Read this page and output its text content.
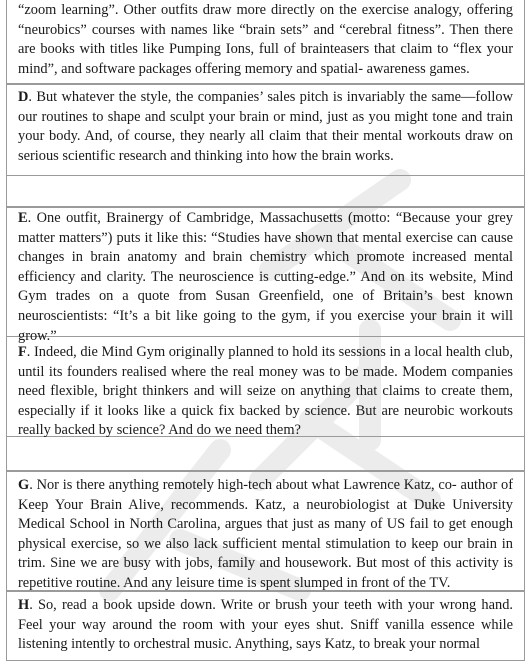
“zoom learning”. Other outfits draw more directly on the exercise analogy, offering “neurobics” courses with names like “brain sets” and “cerebral fitness”. Then there are books with titles like Pumping Ions, full of brainteasers that claim to “flex your mind”, and software packages offering memory and spatial- awareness games.

D. But whatever the style, the companies’ sales pitch is invariably the same—follow our routines to shape and sculpt your brain or mind, just as you might tone and train your body. And, of course, they nearly all claim that their mental workouts draw on serious scientific research and thinking into how the brain works.

E. One outfit, Brainergy of Cambridge, Massachusetts (motto: “Because your grey matter matters”) puts it like this: “Studies have shown that mental exercise can cause changes in brain anatomy and brain chemistry which promote increased mental efficiency and clarity. The neuroscience is cutting-edge.” And on its website, Mind Gym trades on a quote from Susan Greenfield, one of Britain’s best known neuroscientists: “It’s a bit like going to the gym, if you exercise your brain it will grow.”

F. Indeed, die Mind Gym originally planned to hold its sessions in a local health club, until its founders realised where the real money was to be made. Modem companies need flexible, bright thinkers and will seize on anything that claims to create them, especially if it looks like a quick fix backed by science. But are neurobic workouts really backed by science? And do we need them?

G. Nor is there anything remotely high-tech about what Lawrence Katz, co- author of Keep Your Brain Alive, recommends. Katz, a neurobiologist at Duke University Medical School in North Carolina, argues that just as many of US fail to get enough physical exercise, so we also lack sufficient mental stimulation to keep our brain in trim. Sine we are busy with jobs, family and housework. But most of this activity is repetitive routine. And any leisure time is spent slumped in front of the TV.

H. So, read a book upside down. Write or brush your teeth with your wrong hand. Feel your way around the room with your eyes shut. Sniff vanilla essence while listening intently to orchestral music. Anything, says Katz, to break your normal
